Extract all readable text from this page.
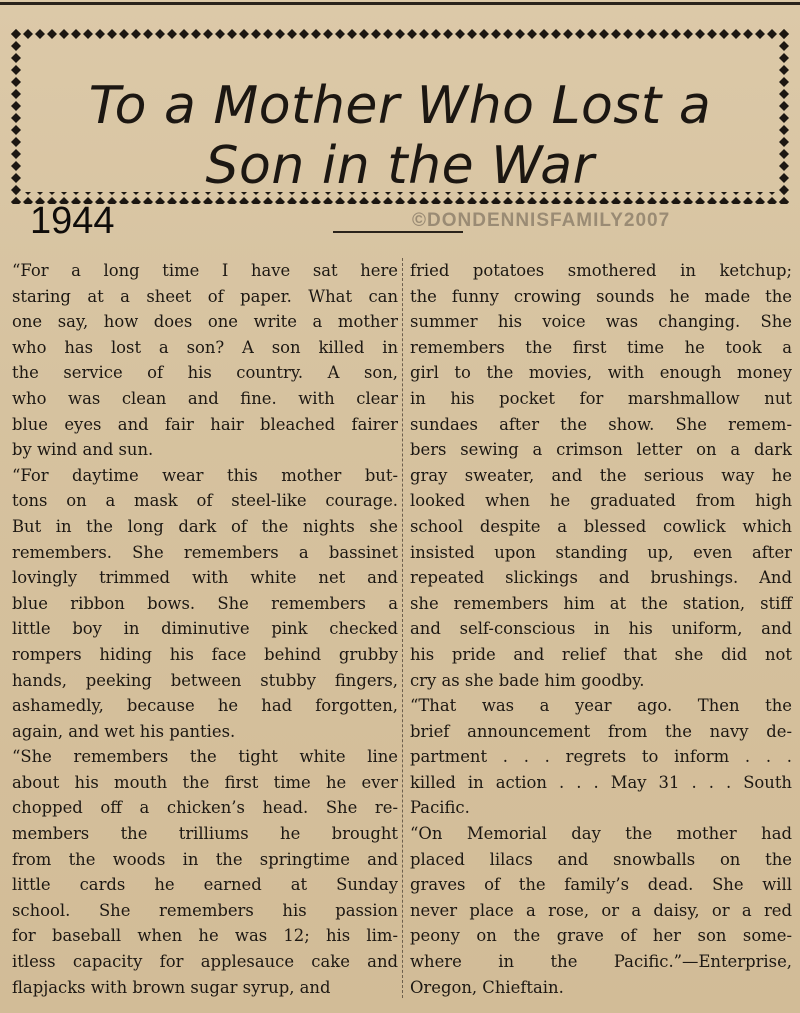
To a Mother Who Lost a
Son in the War
1944	©DONDENNISFAMILY2007
“For a long time I have sat here
staring at a sheet of paper. What can
one say, how does one write a mother
who has lost a son? A son killed in
the service of his country. A son,
who was clean and fine. with clear
blue eyes and fair hair bleached fairer
by wind and sun.
“For daytime wear this mother but-
tons on a mask of steel-like courage.
But in the long dark of the nights she
remembers. She remembers a bassinet
lovingly trimmed with white net and
blue ribbon bows. She remembers a
little boy in diminutive pink checked
rompers hiding his face behind grubby
hands, peeking between stubby fingers,
ashamedly, because he had forgotten,
again, and wet his panties.
“She remembers the tight white line
about his mouth the first time he ever
chopped off a chicken’s head. She re-
members the trilliums he brought
from the woods in the springtime and
little cards he earned at Sunday
school. She remembers his passion
for baseball when he was 12; his lim-
itless capacity for applesauce cake and
flapjacks with brown sugar syrup, and
fried potatoes smothered in ketchup;
the funny crowing sounds he made the
summer his voice was changing. She
remembers the first time he took a
girl to the movies, with enough money
in his pocket for marshmallow nut
sundaes after the show. She remem-
bers sewing a crimson letter on a dark
gray sweater, and the serious way he
looked when he graduated from high
school despite a blessed cowlick which
insisted upon standing up, even after
repeated slickings and brushings. And
she remembers him at the station, stiff
and self-conscious in his uniform, and
his pride and relief that she did not
cry as she bade him goodby.
“That was a year ago. Then the
brief announcement from the navy de-
partment . . . regrets to inform . . .
killed in action . . . May 31 . . . South
Pacific.
“On Memorial day the mother had
placed lilacs and snowballs on the
graves of the family’s dead. She will
never place a rose, or a daisy, or a red
peony on the grave of her son some-
where in the Pacific.”—Enterprise,
Oregon, Chieftain.
